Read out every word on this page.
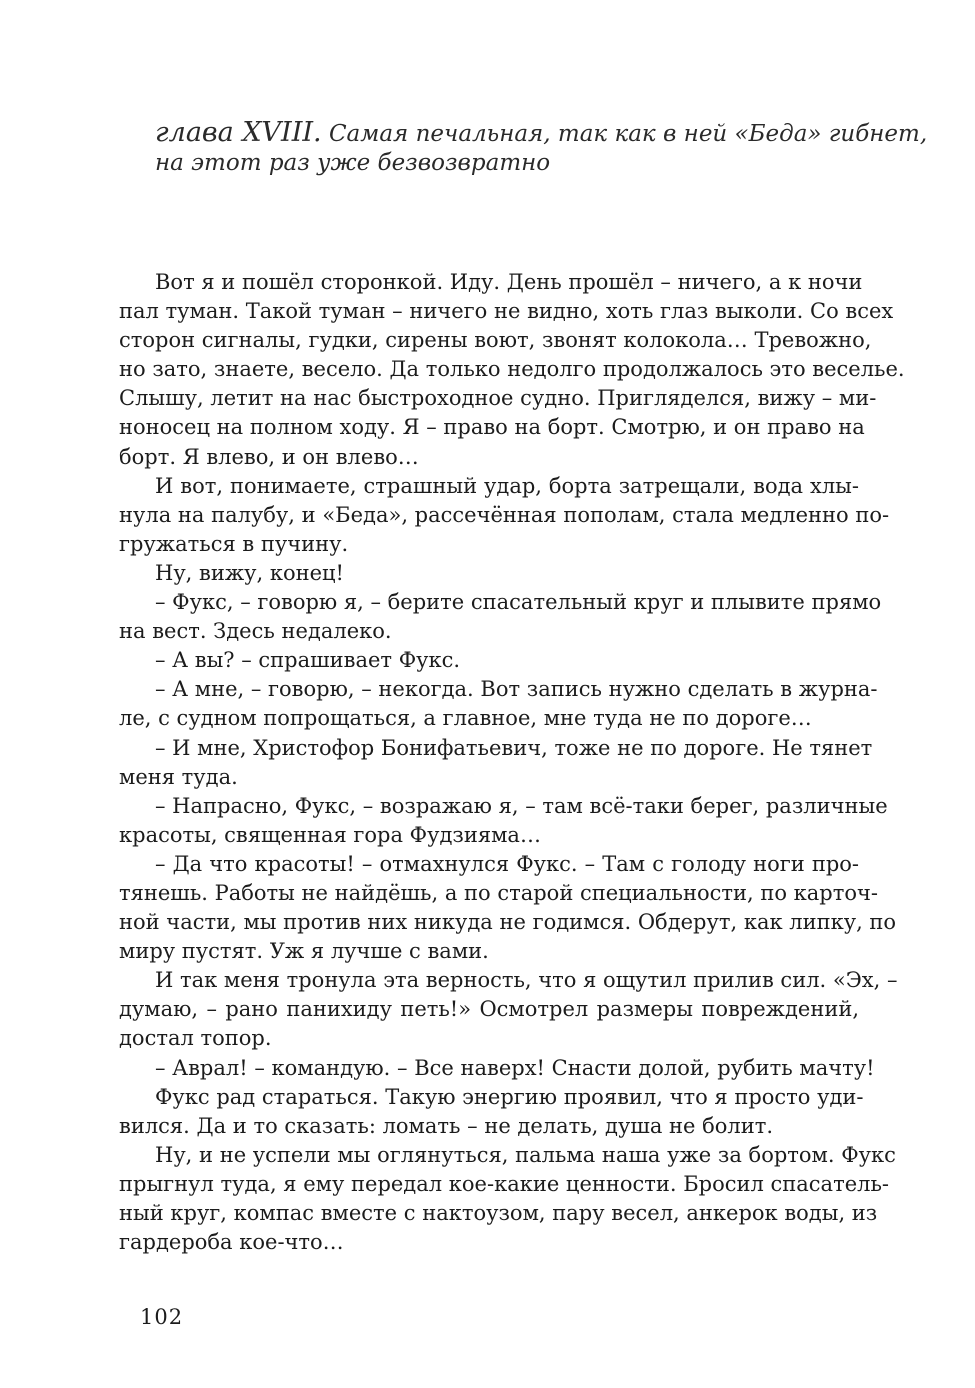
глава XVIII. Самая печальная, так как в ней «Беда» гибнет,
на этот раз уже безвозвратно
Вот я и пошёл сторонкой. Иду. День прошёл – ничего, а к ночи
пал туман. Такой туман – ничего не видно, хоть глаз выколи. Со всех
сторон сигналы, гудки, сирены воют, звонят колокола… Тревожно,
но зато, знаете, весело. Да только недолго продолжалось это веселье.
Слышу, летит на нас быстроходное судно. Пригляделся, вижу – ми-
ноносец на полном ходу. Я – право на борт. Смотрю, и он право на
борт. Я влево, и он влево…
И вот, понимаете, страшный удар, борта затрещали, вода хлы-
нула на палубу, и «Беда», рассечённая пополам, стала медленно по-
гружаться в пучину.
Ну, вижу, конец!
– Фукс, – говорю я, – берите спасательный круг и плывите прямо
на вест. Здесь недалеко.
– А вы? – спрашивает Фукс.
– А мне, – говорю, – некогда. Вот запись нужно сделать в журна-
ле, с судном попрощаться, а главное, мне туда не по дороге…
– И мне, Христофор Бонифатьевич, тоже не по дороге. Не тянет
меня туда.
– Напрасно, Фукс, – возражаю я, – там всё-таки берег, различные
красоты, священная гора Фудзияма…
– Да что красоты! – отмахнулся Фукс. – Там с голоду ноги про-
тянешь. Работы не найдёшь, а по старой специальности, по карточ-
ной части, мы против них никуда не годимся. Обдерут, как липку, по
миру пустят. Уж я лучше с вами.
И так меня тронула эта верность, что я ощутил прилив сил. «Эх, –
думаю, – рано панихиду петь!» Осмотрел размеры повреждений,
достал топор.
– Аврал! – командую. – Все наверх! Снасти долой, рубить мачту!
Фукс рад стараться. Такую энергию проявил, что я просто уди-
вился. Да и то сказать: ломать – не делать, душа не болит.
Ну, и не успели мы оглянуться, пальма наша уже за бортом. Фукс
прыгнул туда, я ему передал кое-какие ценности. Бросил спасатель-
ный круг, компас вместе с нактоузом, пару весел, анкерок воды, из
гардероба кое-что…
102
